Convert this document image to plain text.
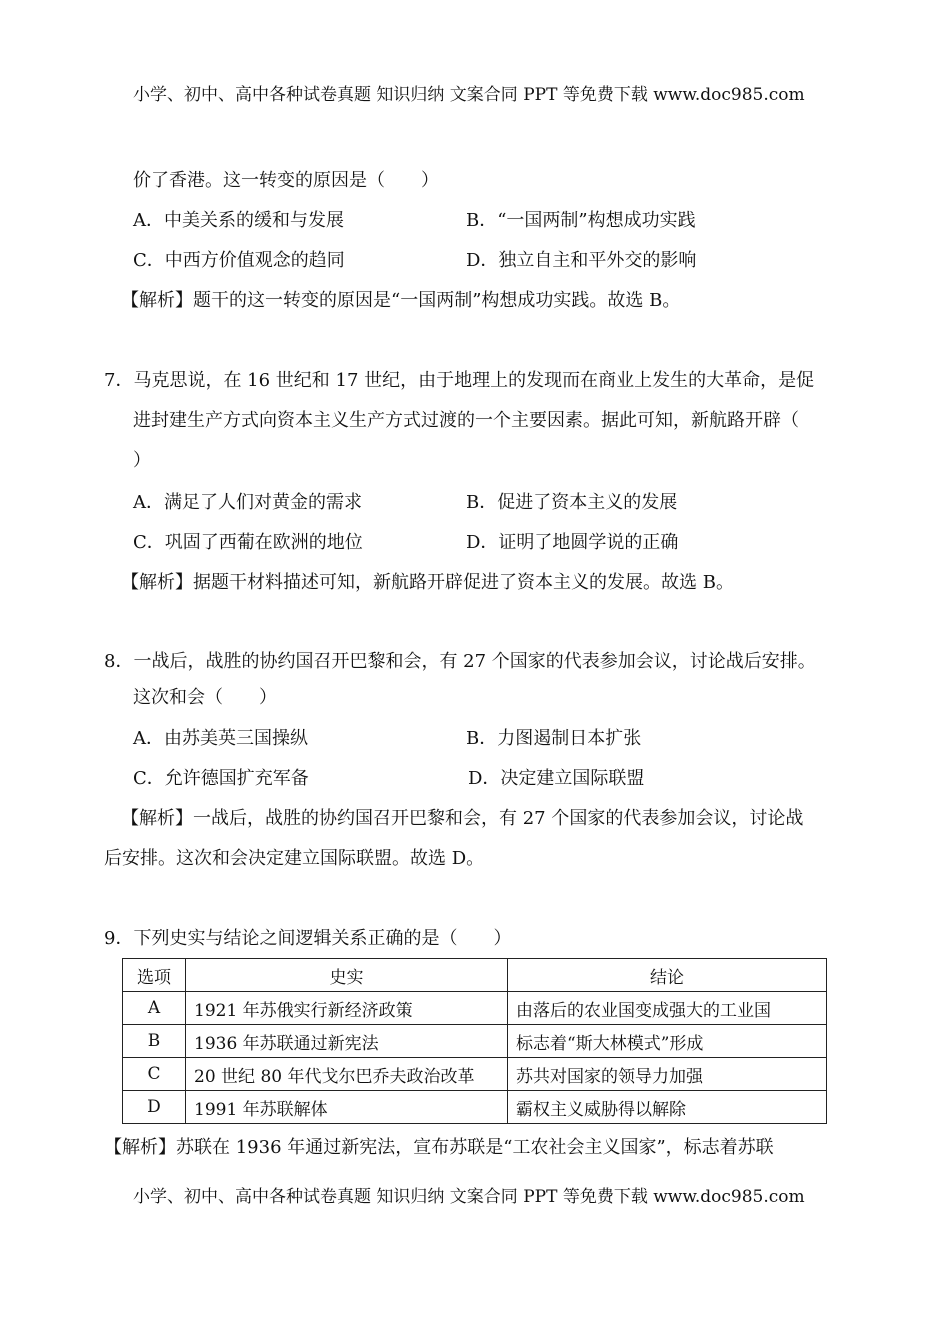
小学、初中、高中各种试卷真题 知识归纳 文案合同 PPT 等免费下载 www.doc985.com
价了香港。这一转变的原因是（　　）
A．中美关系的缓和与发展	B．“一国两制”构想成功实践
C．中西方价值观念的趋同	D．独立自主和平外交的影响
【解析】题干的这一转变的原因是“一国两制”构想成功实践。故选 B。
7．马克思说，在 16 世纪和 17 世纪，由于地理上的发现而在商业上发生的大革命，是促
进封建生产方式向资本主义生产方式过渡的一个主要因素。据此可知，新航路开辟（
）
A．满足了人们对黄金的需求	B．促进了资本主义的发展
C．巩固了西葡在欧洲的地位	D．证明了地圆学说的正确
【解析】据题干材料描述可知，新航路开辟促进了资本主义的发展。故选 B。
8．一战后，战胜的协约国召开巴黎和会，有 27 个国家的代表参加会议，讨论战后安排。
这次和会（　　）
A．由苏美英三国操纵	B．力图遏制日本扩张
C．允许德国扩充军备	D．决定建立国际联盟
【解析】一战后，战胜的协约国召开巴黎和会，有 27 个国家的代表参加会议，讨论战
后安排。这次和会决定建立国际联盟。故选 D。
9．下列史实与结论之间逻辑关系正确的是（　　）
选项	史实	结论
A	1921 年苏俄实行新经济政策	由落后的农业国变成强大的工业国
B	1936 年苏联通过新宪法	标志着“斯大林模式”形成
C	20 世纪 80 年代戈尔巴乔夫政治改革	苏共对国家的领导力加强
D	1991 年苏联解体	霸权主义威胁得以解除
【解析】苏联在 1936 年通过新宪法，宣布苏联是“工农社会主义国家”，标志着苏联
小学、初中、高中各种试卷真题 知识归纳 文案合同 PPT 等免费下载 www.doc985.com
